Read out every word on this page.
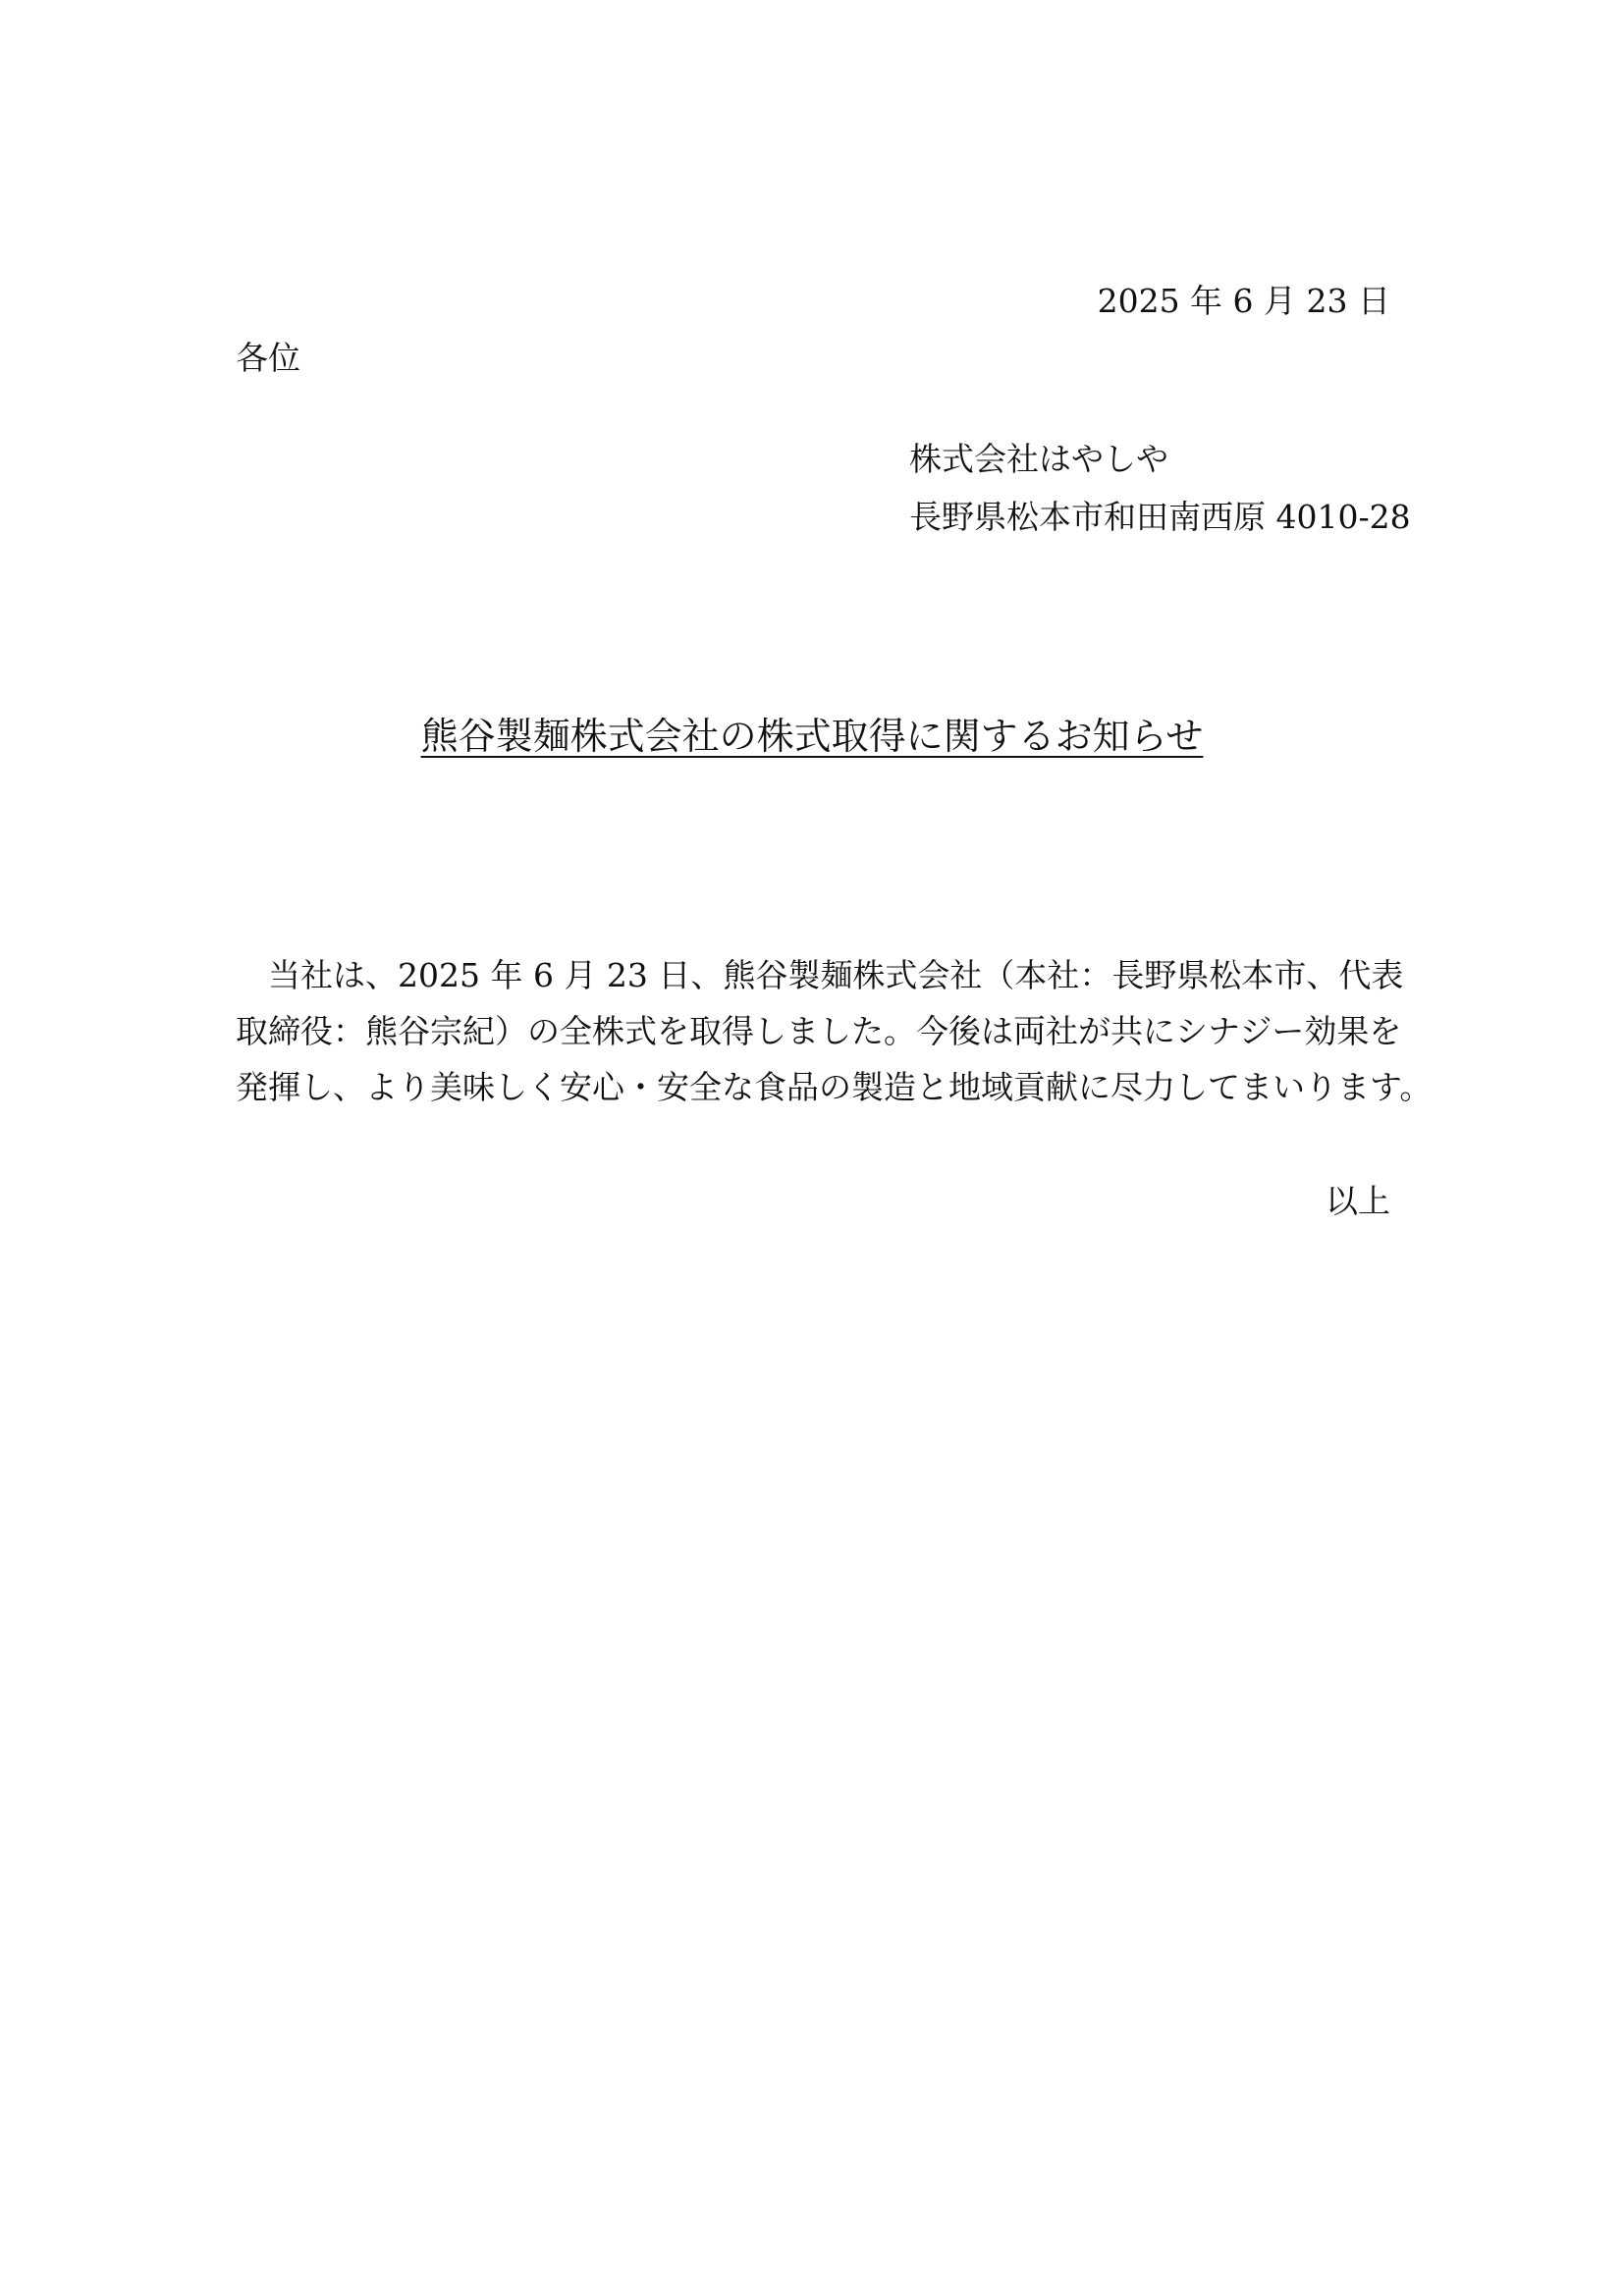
2025 年 6 月 23 日
各位
株式会社はやしや
長野県松本市和田南西原 4010-28
熊谷製麺株式会社の株式取得に関するお知らせ
　当社は、2025 年 6 月 23 日、熊谷製麺株式会社（本社：長野県松本市、代表
取締役：熊谷宗紀）の全株式を取得しました。今後は両社が共にシナジー効果を
発揮し、より美味しく安心・安全な食品の製造と地域貢献に尽力してまいります。
以上
